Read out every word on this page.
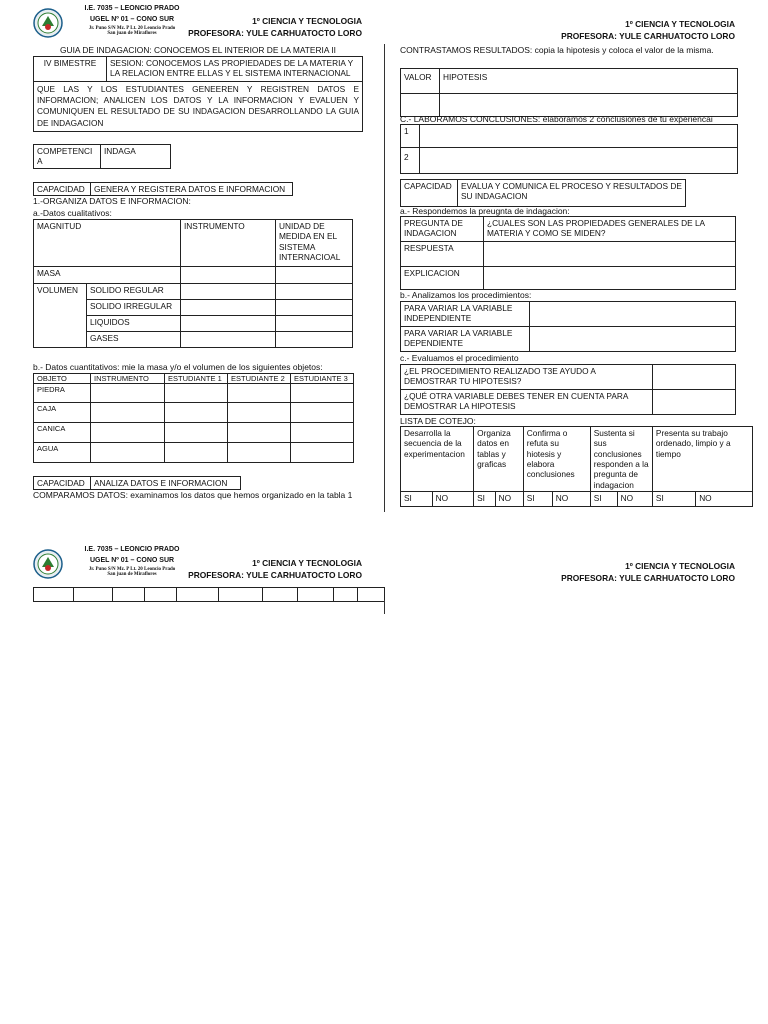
I.E. 7035 – LEONCIO PRADO
UGEL Nº 01 – CONO SUR
Jr. Puno S/N Mz. P Lt. 20 Leoncio Prado
San juan de Miraflores
1º CIENCIA Y TECNOLOGIA
PROFESORA: YULE CARHUATOCTO LORO
1º CIENCIA Y TECNOLOGIA
PROFESORA: YULE CARHUATOCTO LORO
GUIA DE INDAGACION: CONOCEMOS EL INTERIOR DE LA MATERIA II
IV BIMESTRE	SESION: CONOCEMOS LAS PROPIEDADES DE LA MATERIA Y LA RELACION ENTRE ELLAS Y EL SISTEMA INTERNACIONAL
QUE LAS Y LOS ESTUDIANTES GENEEREN Y REGISTREN DATOS E INFORMACION; ANALICEN LOS DATOS Y LA INFORMACION Y EVALUEN Y COMUNIQUEN EL RESULTADO DE SU INDAGACION DESARROLLANDO LA GUIA DE INDAGACION
COMPETENCIA	INDAGA
CAPACIDAD	GENERA Y REGISTERA DATOS E INFORMACION
1.-ORGANIZA DATOS E INFORMACION:
a.-Datos cualitativos:
MAGNITUD		INSTRUMENTO	UNIDAD DE MEDIDA EN EL SISTEMA INTERNACIOAL
MASA			
VOLUMEN	SOLIDO REGULAR		
	SOLIDO IRREGULAR		
	LIQUIDOS		
	GASES		
b.- Datos cuantitativos: mie la masa y/o el volumen de los siguientes objetos:
OBJETO	INSTRUMENTO	ESTUDIANTE 1	ESTUDIANTE 2	ESTUDIANTE 3
PIEDRA				
CAJA				
CANICA				
AGUA				
CAPACIDAD	ANALIZA DATOS E INFORMACION
COMPARAMOS DATOS: examinamos los datos que hemos organizado en la tabla 1
CONTRASTAMOS RESULTADOS: copia la hipotesis y coloca el valor de la misma.
VALOR	HIPOTESIS

C.- LABORAMOS CONCLUSIONES: elaboramos 2 conclusiones de tu experiencai
1	
2	
CAPACIDAD	EVALUA Y COMUNICA EL PROCESO Y RESULTADOS DE SU INDAGACION
a.- Respondemos la preugnta de indagacion:
PREGUNTA DE INDAGACION	¿CUALES SON LAS PROPIEDADES GENERALES DE LA MATERIA Y COMO SE MIDEN?
RESPUESTA	
EXPLICACION	
b.- Analizamos los procedimientos:
PARA VARIAR LA VARIABLE INDEPENDIENTE	
PARA VARIAR LA VARIABLE DEPENDIENTE	
c.- Evaluamos el procedimiento
¿EL PROCEDIMIENTO REALIZADO T3E AYUDO A DEMOSTRAR TU HIPOTESIS?	
¿QUÉ OTRA VARIABLE DEBES TENER EN CUENTA PARA DEMOSTRAR LA HIPOTESIS	
LISTA DE COTEJO:
Desarrolla la secuencia de la experimentacion		Organiza datos en tablas y graficas		Confirma o refuta su hiotesis y elabora conclusiones		Sustenta si sus conclusiones responden a la pregunta de indagacion		Presenta su trabajo ordenado, limpio y a tiempo	
SI	NO	SI	NO	SI	NO	SI	NO	SI	NO
I.E. 7035 – LEONCIO PRADO
UGEL Nº 01 – CONO SUR
Jr. Puno S/N Mz. P Lt. 20 Leoncio Prado
San juan de Miraflores
1º CIENCIA Y TECNOLOGIA
PROFESORA: YULE CARHUATOCTO LORO
1º CIENCIA Y TECNOLOGIA
PROFESORA: YULE CARHUATOCTO LORO
